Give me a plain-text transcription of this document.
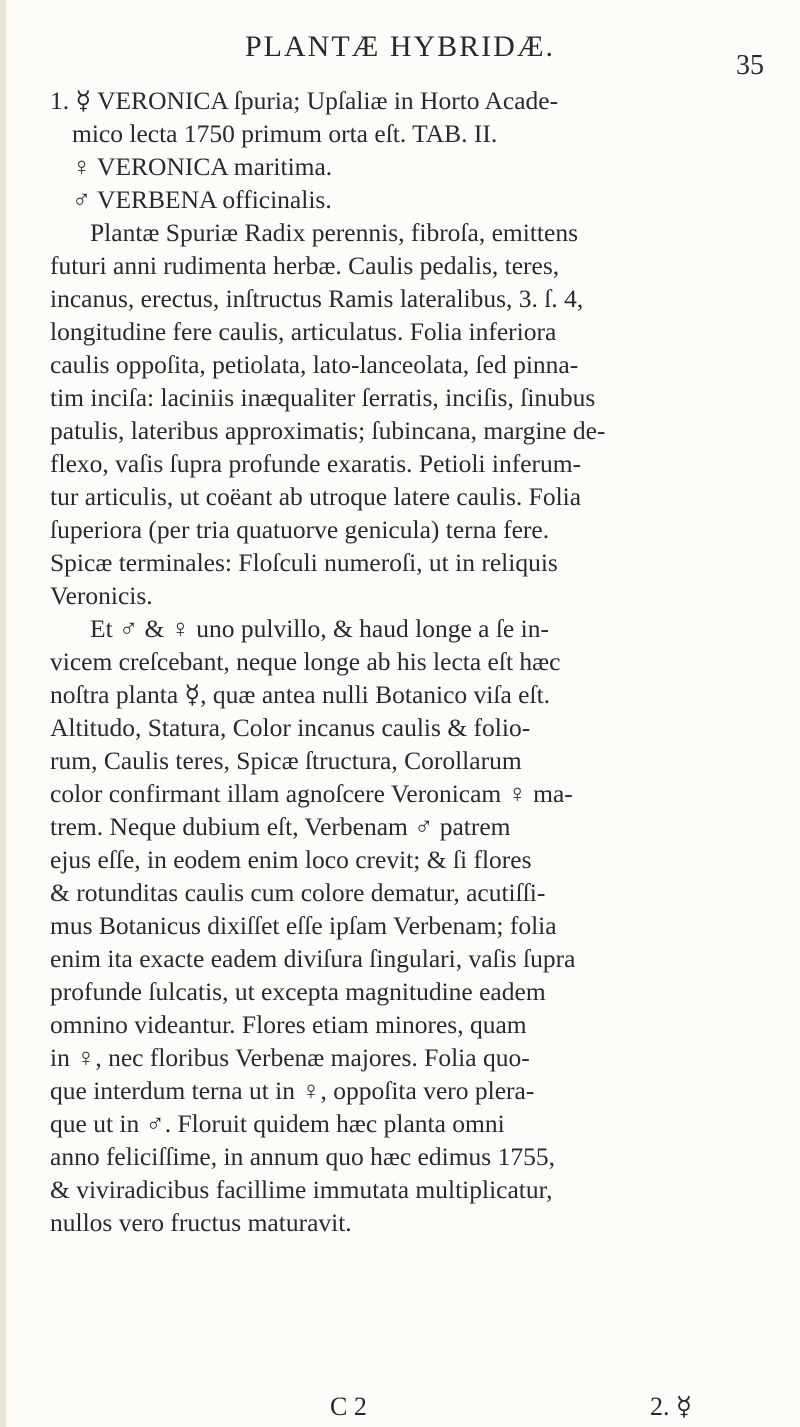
PLANTÆ HYBRIDÆ.
35
1. ☿ VERONICA ſpuria; Upſaliæ in Horto Acade-
mico lecta 1750 primum orta eſt. TAB. II.
♀ VERONICA maritima.
♂ VERBENA officinalis.
Plantæ Spuriæ Radix perennis, fibroſa, emittens
futuri anni rudimenta herbæ. Caulis pedalis, teres,
incanus, erectus, inſtructus Ramis lateralibus, 3. ſ. 4,
longitudine fere caulis, articulatus. Folia inferiora
caulis oppoſita, petiolata, lato-lanceolata, ſed pinna-
tim inciſa: laciniis inæqualiter ſerratis, inciſis, ſinubus
patulis, lateribus approximatis; ſubincana, margine de-
flexo, vaſis ſupra profunde exaratis. Petioli inferum-
tur articulis, ut coëant ab utroque latere caulis. Folia
ſuperiora (per tria quatuorve genicula) terna fere.
Spicæ terminales: Floſculi numeroſi, ut in reliquis
Veronicis.
Et ♂ & ♀ uno pulvillo, & haud longe a ſe in-
vicem creſcebant, neque longe ab his lecta eſt hæc
noſtra planta ☿, quæ antea nulli Botanico viſa eſt.
Altitudo, Statura, Color incanus caulis & folio-
rum, Caulis teres, Spicæ ſtructura, Corollarum
color confirmant illam agnoſcere Veronicam ♀ ma-
trem. Neque dubium eſt, Verbenam ♂ patrem
ejus eſſe, in eodem enim loco crevit; & ſi flores
& rotunditas caulis cum colore dematur, acutiſſi-
mus Botanicus dixiſſet eſſe ipſam Verbenam; folia
enim ita exacte eadem diviſura ſingulari, vaſis ſupra
profunde ſulcatis, ut excepta magnitudine eadem
omnino videantur. Flores etiam minores, quam
in ♀, nec floribus Verbenæ majores. Folia quo-
que interdum terna ut in ♀, oppoſita vero plera-
que ut in ♂. Floruit quidem hæc planta omni
anno feliciſſime, in annum quo hæc edimus 1755,
& viviradicibus facillime immutata multiplicatur,
nullos vero fructus maturavit.
C 2	2. ☿
